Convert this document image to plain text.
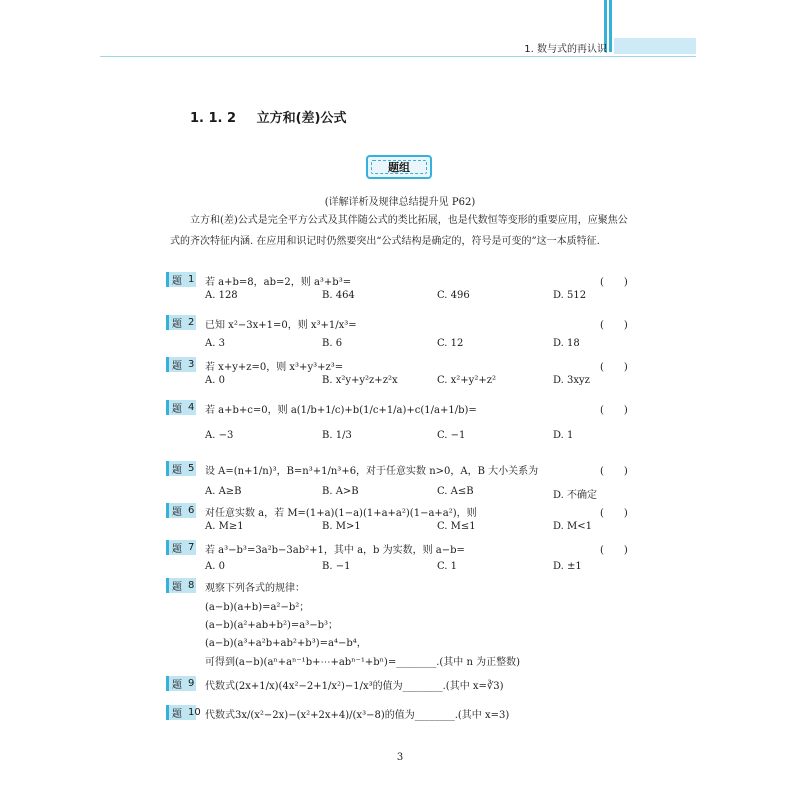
1. 数与式的再认识
1. 1. 2 立方和(差)公式
题组
(详解详析及规律总结提升见 P62)
立方和(差)公式是完全平方公式及其伴随公式的类比拓展，也是代数恒等变形的重要应用，应聚焦公式的齐次特征内涵. 在应用和识记时仍然要突出“公式结构是确定的，符号是可变的”这一本质特征.
题 1 若 a+b=8，ab=2，则 a³+b³=	(　　)
A. 128	B. 464	C. 496	D. 512
题 2 已知 x²−3x+1=0，则 x³+1/x³=	(　　)
A. 3	B. 6	C. 12	D. 18
题 3 若 x+y+z=0，则 x³+y³+z³=	(　　)
A. 0	B. x²y+y²z+z²x	C. x²+y²+z²	D. 3xyz
题 4 若 a+b+c=0，则 a(1/b+1/c)+b(1/c+1/a)+c(1/a+1/b)=	(　　)
A. −3	B. 1/3	C. −1	D. 1
题 5 设 A=(n+1/n)³，B=n³+1/n³+6，对于任意实数 n>0，A，B 大小关系为	(　　)
A. A≥B	B. A>B	C. A≤B	D. 不确定
题 6 对任意实数 a，若 M=(1+a)(1−a)(1+a+a²)(1−a+a²)，则	(　　)
A. M≥1	B. M>1	C. M≤1	D. M<1
题 7 若 a³−b³=3a²b−3ab²+1，其中 a，b 为实数，则 a−b=	(　　)
A. 0	B. −1	C. 1	D. ±1
题 8 观察下列各式的规律：
(a−b)(a+b)=a²−b²；
(a−b)(a²+ab+b²)=a³−b³；
(a−b)(a³+a²b+ab²+b³)=a⁴−b⁴，
可得到(a−b)(aⁿ+aⁿ⁻¹b+⋯+abⁿ⁻¹+bⁿ)=________.(其中 n 为正整数)
题 9 代数式(2x+1/x)(4x²−2+1/x²)−1/x³的值为________.(其中 x=∛3)
题 10 代数式3x/(x²−2x)−(x²+2x+4)/(x³−8)的值为________.(其中 x=3)
3
